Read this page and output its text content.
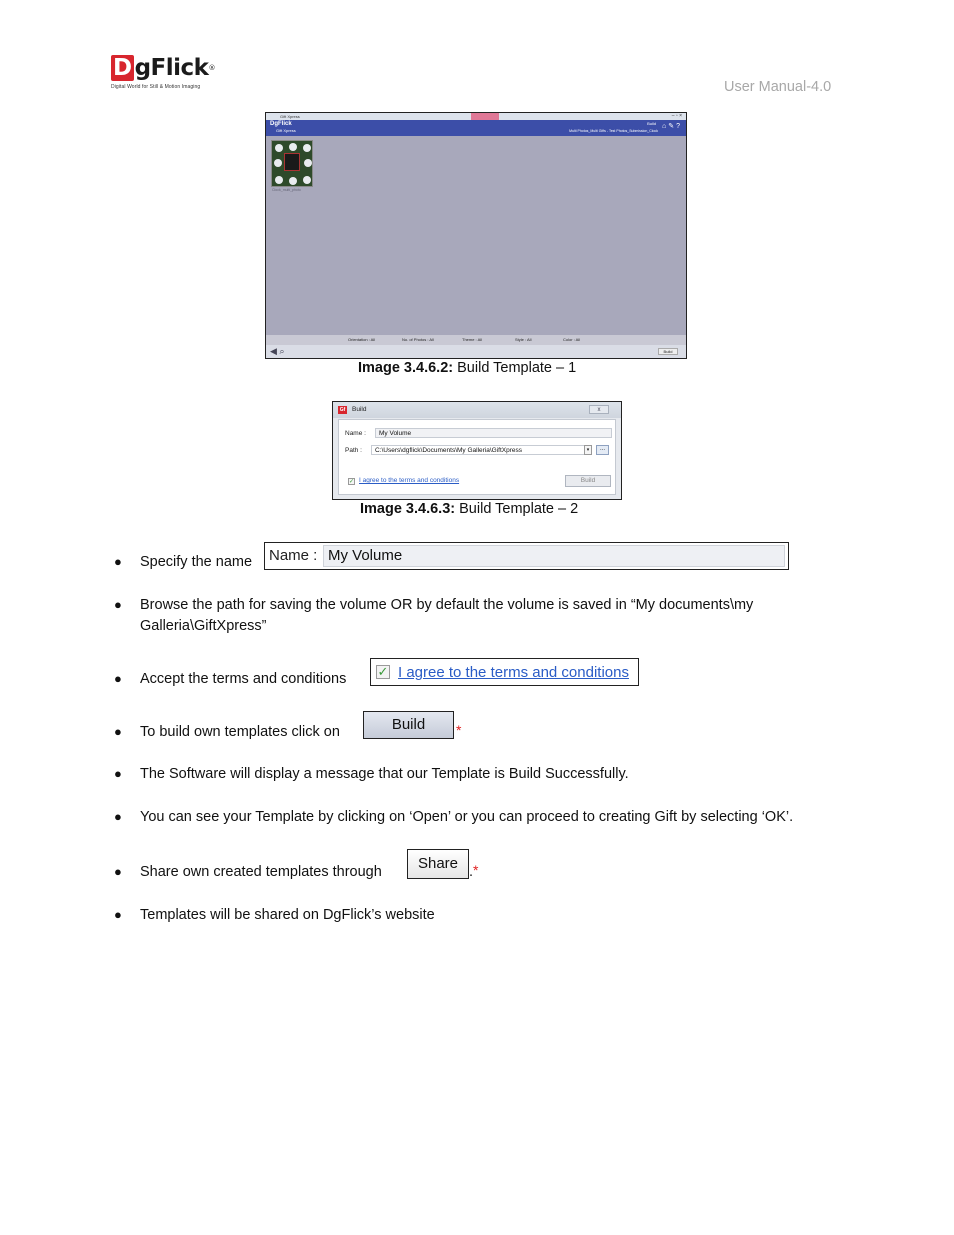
D gFlick®
Digital World for Still & Motion Imaging	User Manual-4.0
Gift Xpress	– ▫ ×
DgFlick
Gift Xpress
Build ⌂✎?
Multi Photos_Multi Gifts - Test Photos_Submission_Clock
Clock_multi_photo
Orientation : All	No. of Photos : All	Theme : All	Style : All	Color : All
◀ ⌕	Build
Image 3.4.6.2: Build Template – 1
Gf Build	x
Name :	My Volume
Path :	C:\Users\dgflick\Documents\My Galleria\GiftXpress	▾	...
✓ I agree to the terms and conditions	Build
Image 3.4.6.3: Build Template – 2
● Specify the name Name : My Volume
● Browse the path for saving the volume OR by default the volume is saved in “My documents\my Galleria\GiftXpress”
● Accept the terms and conditions ✓ I agree to the terms and conditions
● To build own templates click on	Build	*
● The Software will display a message that our Template is Build Successfully.
● You can see your Template by clicking on ‘Open’ or you can proceed to creating Gift by selecting ‘OK’.
● Share own created templates through	Share . *
● Templates will be shared on DgFlick’s website
